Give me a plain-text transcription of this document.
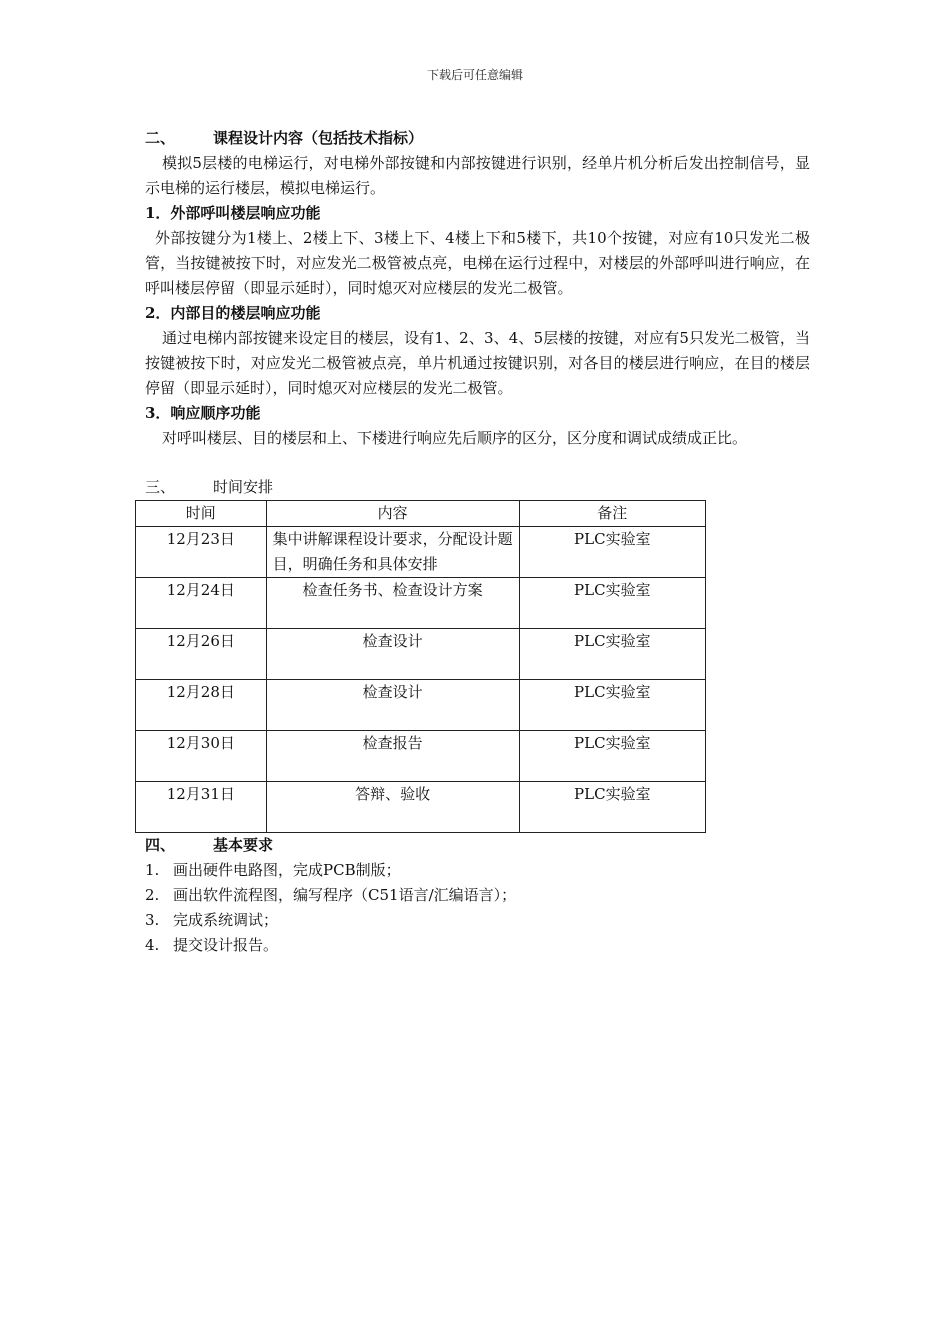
下载后可任意编辑
二、	课程设计内容（包括技术指标）
模拟5层楼的电梯运行，对电梯外部按键和内部按键进行识别，经单片机分析后发出控制信号，显示电梯的运行楼层，模拟电梯运行。
1．外部呼叫楼层响应功能
外部按键分为1楼上、2楼上下、3楼上下、4楼上下和5楼下，共10个按键，对应有10只发光二极管，当按键被按下时，对应发光二极管被点亮，电梯在运行过程中，对楼层的外部呼叫进行响应，在呼叫楼层停留（即显示延时），同时熄灭对应楼层的发光二极管。
2．内部目的楼层响应功能
通过电梯内部按键来设定目的楼层，设有1、2、3、4、5层楼的按键，对应有5只发光二极管，当按键被按下时，对应发光二极管被点亮，单片机通过按键识别，对各目的楼层进行响应，在目的楼层停留（即显示延时），同时熄灭对应楼层的发光二极管。
3．响应顺序功能
对呼叫楼层、目的楼层和上、下楼进行响应先后顺序的区分，区分度和调试成绩成正比。
三、	时间安排
时间	内容	备注
12月23日	集中讲解课程设计要求，分配设计题目，明确任务和具体安排	PLC实验室
12月24日	检查任务书、检查设计方案	PLC实验室
12月26日	检查设计	PLC实验室
12月28日	检查设计	PLC实验室
12月30日	检查报告	PLC实验室
12月31日	答辩、验收	PLC实验室
四、	基本要求
1. 画出硬件电路图，完成PCB制版；
2. 画出软件流程图，编写程序（C51语言/汇编语言）；
3. 完成系统调试；
4. 提交设计报告。
